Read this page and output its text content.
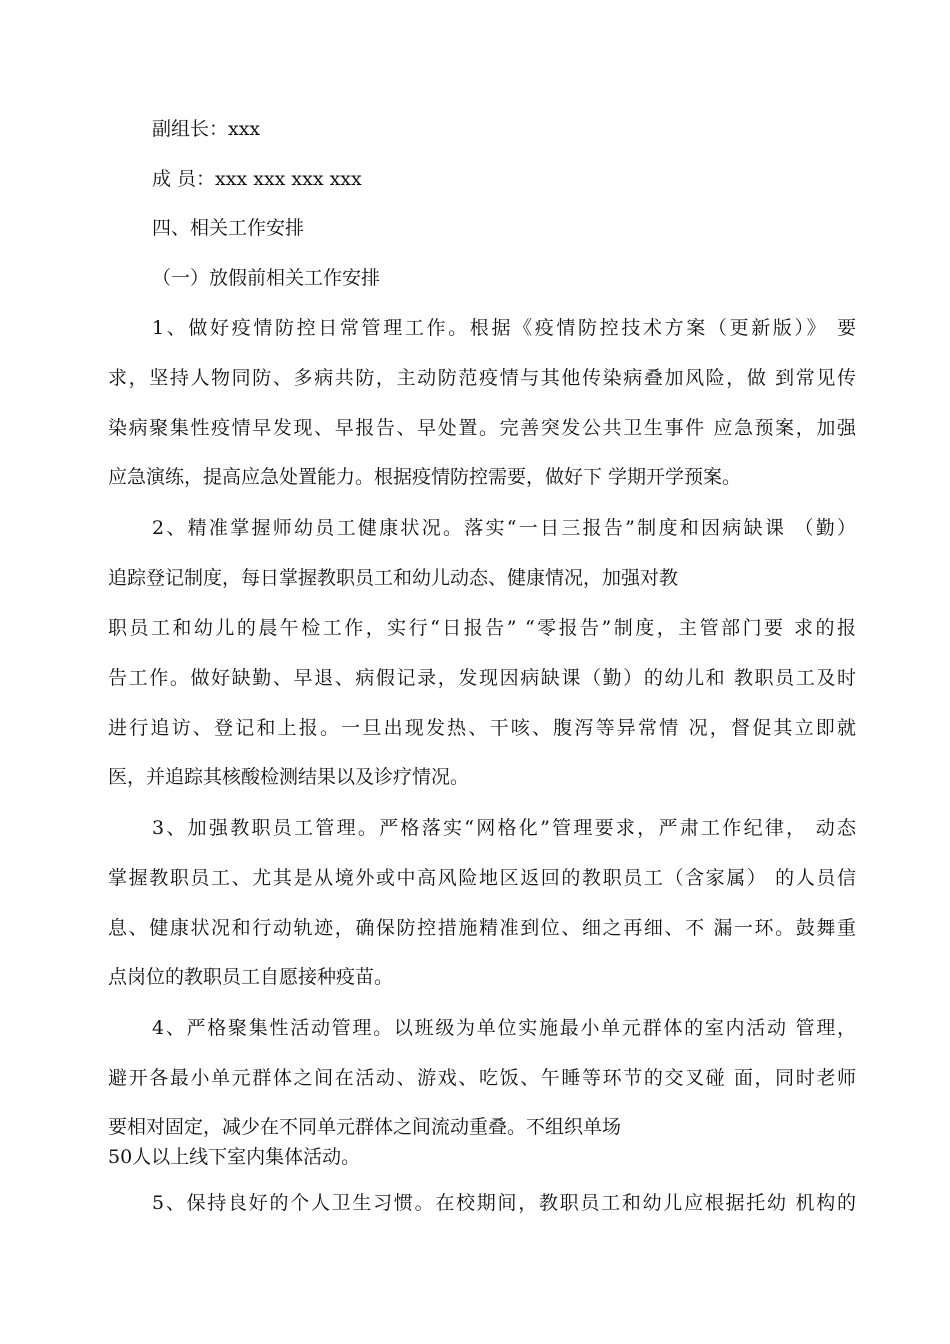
副组长：xxx
成 员：xxx xxx xxx xxx
四、相关工作安排
（一）放假前相关工作安排
1、做好疫情防控日常管理工作。根据《疫情防控技术方案（更新版）》 要
求，坚持人物同防、多病共防，主动防范疫情与其他传染病叠加风险，做 到常见传
染病聚集性疫情早发现、早报告、早处置。完善突发公共卫生事件 应急预案，加强
应急演练，提高应急处置能力。根据疫情防控需要，做好下 学期开学预案。
2、精准掌握师幼员工健康状况。落实“一日三报告”制度和因病缺课 （勤）
追踪登记制度，每日掌握教职员工和幼儿动态、健康情况，加强对教
职员工和幼儿的晨午检工作，实行“日报告” “零报告”制度，主管部门要 求的报
告工作。做好缺勤、早退、病假记录，发现因病缺课（勤）的幼儿和 教职员工及时
进行追访、登记和上报。一旦出现发热、干咳、腹泻等异常情 况，督促其立即就
医，并追踪其核酸检测结果以及诊疗情况。
3、加强教职员工管理。严格落实“网格化”管理要求，严肃工作纪律， 动态
掌握教职员工、尤其是从境外或中高风险地区返回的教职员工（含家属） 的人员信
息、健康状况和行动轨迹，确保防控措施精准到位、细之再细、不 漏一环。鼓舞重
点岗位的教职员工自愿接种疫苗。
4、严格聚集性活动管理。以班级为单位实施最小单元群体的室内活动 管理，
避开各最小单元群体之间在活动、游戏、吃饭、午睡等环节的交叉碰 面，同时老师
要相对固定，减少在不同单元群体之间流动重叠。不组织单场
50人以上线下室内集体活动。
5、保持良好的个人卫生习惯。在校期间，教职员工和幼儿应根据托幼 机构的
